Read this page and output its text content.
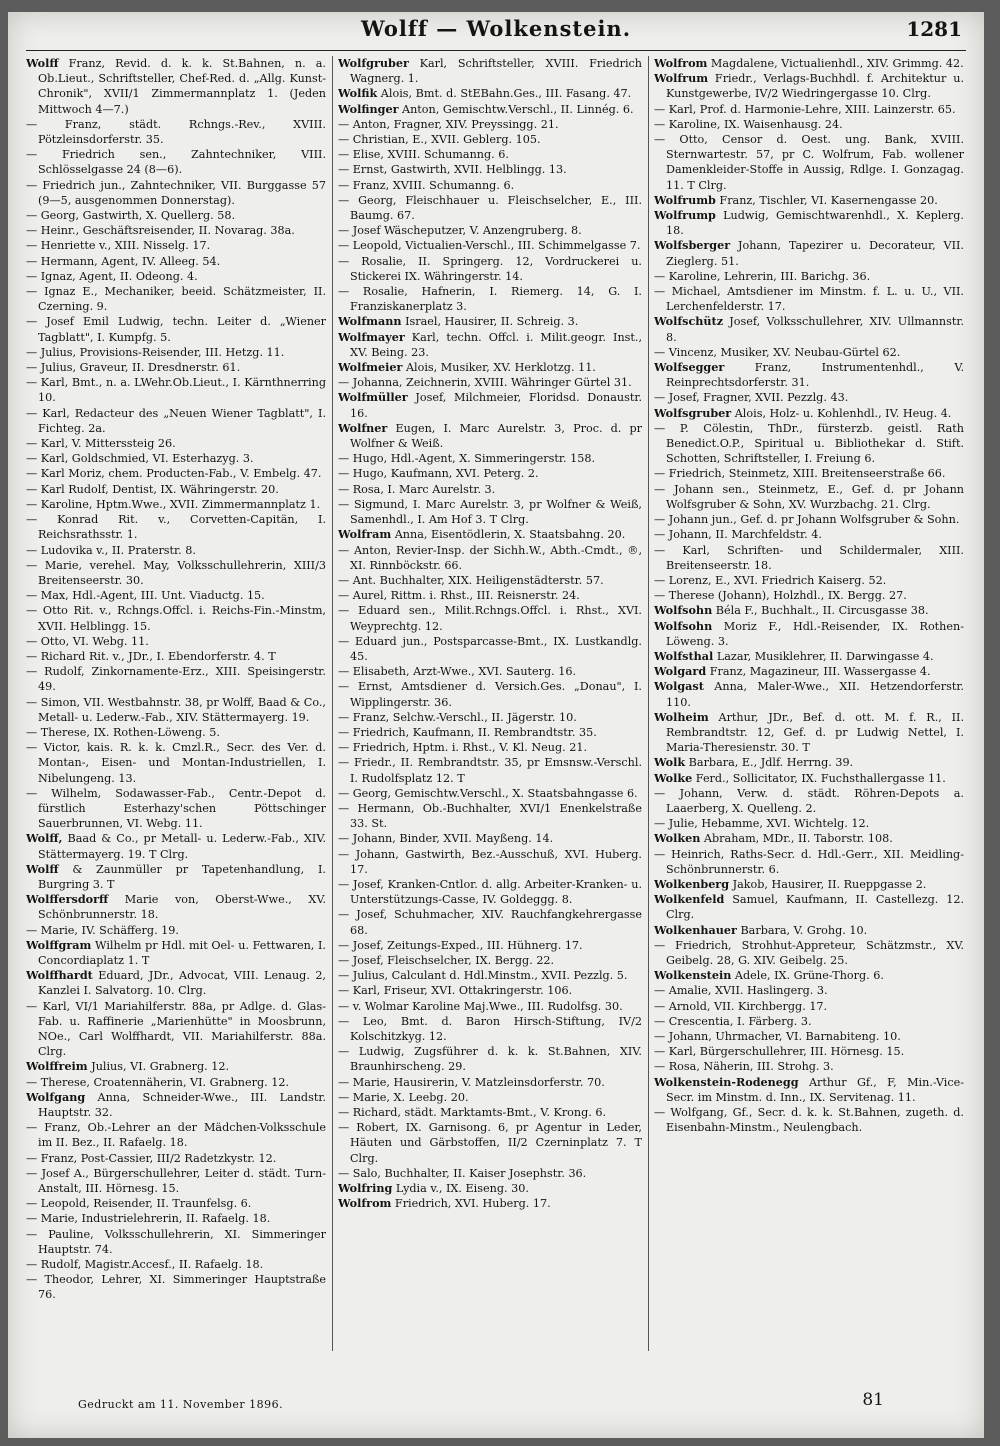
Wolff — Wolkenstein.	1281

Wolff Franz, Revid. d. k. k. St.Bahnen, n. a. Ob.Lieut., Schriftsteller, Chef-Red. d. „Allg. Kunst-Chronik", XVII/1 Zimmermannplatz 1. (Jeden Mittwoch 4—7.)

— Franz, städt. Rchngs.-Rev., XVIII. Pötzleinsdorferstr. 35.

— Friedrich sen., Zahntechniker, VIII. Schlösselgasse 24 (8—6).

— Friedrich jun., Zahntechniker, VII. Burggasse 57 (9—5, ausgenommen Donnerstag).

— Georg, Gastwirth, X. Quellerg. 58.

— Heinr., Geschäftsreisender, II. Novarag. 38a.

— Henriette v., XIII. Nisselg. 17.

— Hermann, Agent, IV. Alleeg. 54.

— Ignaz, Agent, II. Odeong. 4.

— Ignaz E., Mechaniker, beeid. Schätzmeister, II. Czerning. 9.

— Josef Emil Ludwig, techn. Leiter d. „Wiener Tagblatt", I. Kumpfg. 5.

— Julius, Provisions-Reisender, III. Hetzg. 11.

— Julius, Graveur, II. Dresdnerstr. 61.

— Karl, Bmt., n. a. LWehr.Ob.Lieut., I. Kärnthnerring 10.

— Karl, Redacteur des „Neuen Wiener Tagblatt", I. Fichteg. 2a.

— Karl, V. Mitterssteig 26.

— Karl, Goldschmied, VI. Esterhazyg. 3.

— Karl Moriz, chem. Producten-Fab., V. Embelg. 47.

— Karl Rudolf, Dentist, IX. Währingerstr. 20.

— Karoline, Hptm.Wwe., XVII. Zimmermannplatz 1.

— Konrad Rit. v., Corvetten-Capitän, I. Reichsrathsstr. 1.

— Ludovika v., II. Praterstr. 8.

— Marie, verehel. May, Volksschullehrerin, XIII/3 Breitenseerstr. 30.

— Max, Hdl.-Agent, III. Unt. Viaductg. 15.

— Otto Rit. v., Rchngs.Offcl. i. Reichs-Fin.-Minstm, XVII. Helblingg. 15.

— Otto, VI. Webg. 11.

— Richard Rit. v., JDr., I. Ebendorferstr. 4. T

— Rudolf, Zinkornamente-Erz., XIII. Speisingerstr. 49.

— Simon, VII. Westbahnstr. 38, pr Wolff, Baad & Co., Metall- u. Lederw.-Fab., XIV. Stättermayerg. 19.

— Therese, IX. Rothen-Löweng. 5.

— Victor, kais. R. k. k. Cmzl.R., Secr. des Ver. d. Montan-, Eisen- und Montan-Industriellen, I. Nibelungeng. 13.

— Wilhelm, Sodawasser-Fab., Centr.-Depot d. fürstlich Esterhazy'schen Pöttschinger Sauerbrunnen, VI. Webg. 11.

Wolff, Baad & Co., pr Metall- u. Lederw.-Fab., XIV. Stättermayerg. 19. T Clrg.

Wolff & Zaunmüller pr Tapetenhandlung, I. Burgring 3. T

Wolffersdorff Marie von, Oberst-Wwe., XV. Schönbrunnerstr. 18.

— Marie, IV. Schäfferg. 19.

Wolffgram Wilhelm pr Hdl. mit Oel- u. Fettwaren, I. Concordiaplatz 1. T

Wolffhardt Eduard, JDr., Advocat, VIII. Lenaug. 2, Kanzlei I. Salvatorg. 10. Clrg.

— Karl, VI/1 Mariahilferstr. 88a, pr Adlge. d. Glas-Fab. u. Raffinerie „Marienhütte" in Moosbrunn, NOe., Carl Wolffhardt, VII. Mariahilferstr. 88a. Clrg.

Wolffreim Julius, VI. Grabnerg. 12.

— Therese, Croatennäherin, VI. Grabnerg. 12.

Wolfgang Anna, Schneider-Wwe., III. Landstr. Hauptstr. 32.

— Franz, Ob.-Lehrer an der Mädchen-Volksschule im II. Bez., II. Rafaelg. 18.

— Franz, Post-Cassier, III/2 Radetzkystr. 12.

— Josef A., Bürgerschullehrer, Leiter d. städt. Turn-Anstalt, III. Hörnesg. 15.

— Leopold, Reisender, II. Traunfelsg. 6.

— Marie, Industrielehrerin, II. Rafaelg. 18.

— Pauline, Volksschullehrerin, XI. Simmeringer Hauptstr. 74.

— Rudolf, Magistr.Accesf., II. Rafaelg. 18.

— Theodor, Lehrer, XI. Simmeringer Hauptstraße 76.

Wolfgruber Karl, Schriftsteller, XVIII. Friedrich Wagnerg. 1.

Wolfik Alois, Bmt. d. StEBahn.Ges., III. Fasang. 47.

Wolfinger Anton, Gemischtw.Verschl., II. Linnég. 6.

— Anton, Fragner, XIV. Preyssingg. 21.

— Christian, E., XVII. Geblerg. 105.

— Elise, XVIII. Schumanng. 6.

— Ernst, Gastwirth, XVII. Helblingg. 13.

— Franz, XVIII. Schumanng. 6.

— Georg, Fleischhauer u. Fleischselcher, E., III. Baumg. 67.

— Josef Wäscheputzer, V. Anzengruberg. 8.

— Leopold, Victualien-Verschl., III. Schimmelgasse 7.

— Rosalie, II. Springerg. 12, Vordruckerei u. Stickerei IX. Währingerstr. 14.

— Rosalie, Hafnerin, I. Riemerg. 14, G. I. Franziskanerplatz 3.

Wolfmann Israel, Hausirer, II. Schreig. 3.

Wolfmayer Karl, techn. Offcl. i. Milit.geogr. Inst., XV. Being. 23.

Wolfmeier Alois, Musiker, XV. Herklotzg. 11.

— Johanna, Zeichnerin, XVIII. Währinger Gürtel 31.

Wolfmüller Josef, Milchmeier, Floridsd. Donaustr. 16.

Wolfner Eugen, I. Marc Aurelstr. 3, Proc. d. pr Wolfner & Weiß.

— Hugo, Hdl.-Agent, X. Simmeringerstr. 158.

— Hugo, Kaufmann, XVI. Peterg. 2.

— Rosa, I. Marc Aurelstr. 3.

— Sigmund, I. Marc Aurelstr. 3, pr Wolfner & Weiß, Samenhdl., I. Am Hof 3. T Clrg.

Wolfram Anna, Eisentödlerin, X. Staatsbahng. 20.

— Anton, Revier-Insp. der Sichh.W., Abth.-Cmdt., ®, XI. Rinnböckstr. 66.

— Ant. Buchhalter, XIX. Heiligenstädterstr. 57.

— Aurel, Rittm. i. Rhst., III. Reisnerstr. 24.

— Eduard sen., Milit.Rchngs.Offcl. i. Rhst., XVI. Weyprechtg. 12.

— Eduard jun., Postsparcasse-Bmt., IX. Lustkandlg. 45.

— Elisabeth, Arzt-Wwe., XVI. Sauterg. 16.

— Ernst, Amtsdiener d. Versich.Ges. „Donau", I. Wipplingerstr. 36.

— Franz, Selchw.-Verschl., II. Jägerstr. 10.

— Friedrich, Kaufmann, II. Rembrandtstr. 35.

— Friedrich, Hptm. i. Rhst., V. Kl. Neug. 21.

— Friedr., II. Rembrandtstr. 35, pr Emsnsw.-Verschl. I. Rudolfsplatz 12. T

— Georg, Gemischtw.Verschl., X. Staatsbahngasse 6.

— Hermann, Ob.-Buchhalter, XVI/1 Enenkelstraße 33. St.

— Johann, Binder, XVII. Mayßeng. 14.

— Johann, Gastwirth, Bez.-Ausschuß, XVI. Huberg. 17.

— Josef, Kranken-Cntlor. d. allg. Arbeiter-Kranken- u. Unterstützungs-Casse, IV. Goldeggg. 8.

— Josef, Schuhmacher, XIV. Rauchfangkehrergasse 68.

— Josef, Zeitungs-Exped., III. Hühnerg. 17.

— Josef, Fleischselcher, IX. Bergg. 22.

— Julius, Calculant d. Hdl.Minstm., XVII. Pezzlg. 5.

— Karl, Friseur, XVI. Ottakringerstr. 106.

— v. Wolmar Karoline Maj.Wwe., III. Rudolfsg. 30.

— Leo, Bmt. d. Baron Hirsch-Stiftung, IV/2 Kolschitzkyg. 12.

— Ludwig, Zugsführer d. k. k. St.Bahnen, XIV. Braunhirscheng. 29.

— Marie, Hausirerin, V. Matzleinsdorferstr. 70.

— Marie, X. Leebg. 20.

— Richard, städt. Marktamts-Bmt., V. Krong. 6.

— Robert, IX. Garnisong. 6, pr Agentur in Leder, Häuten und Gärbstoffen, II/2 Czerninplatz 7. T Clrg.

— Salo, Buchhalter, II. Kaiser Josephstr. 36.

Wolfring Lydia v., IX. Eiseng. 30.

Wolfrom Friedrich, XVI. Huberg. 17.

Wolfrom Magdalene, Victualienhdl., XIV. Grimmg. 42.

Wolfrum Friedr., Verlags-Buchhdl. f. Architektur u. Kunstgewerbe, IV/2 Wiedringergasse 10. Clrg.

— Karl, Prof. d. Harmonie-Lehre, XIII. Lainzerstr. 65.

— Karoline, IX. Waisenhausg. 24.

— Otto, Censor d. Oest. ung. Bank, XVIII. Sternwartestr. 57, pr C. Wolfrum, Fab. wollener Damenkleider-Stoffe in Aussig, Rdlge. I. Gonzagag. 11. T Clrg.

Wolfrumb Franz, Tischler, VI. Kasernengasse 20.

Wolfrump Ludwig, Gemischtwarenhdl., X. Keplerg. 18.

Wolfsberger Johann, Tapezirer u. Decorateur, VII. Zieglerg. 51.

— Karoline, Lehrerin, III. Barichg. 36.

— Michael, Amtsdiener im Minstm. f. L. u. U., VII. Lerchenfelderstr. 17.

Wolfschütz Josef, Volksschullehrer, XIV. Ullmannstr. 8.

— Vincenz, Musiker, XV. Neubau-Gürtel 62.

Wolfsegger Franz, Instrumentenhdl., V. Reinprechtsdorferstr. 31.

— Josef, Fragner, XVII. Pezzlg. 43.

Wolfsgruber Alois, Holz- u. Kohlenhdl., IV. Heug. 4.

— P. Cölestin, ThDr., fürsterzb. geistl. Rath Benedict.O.P., Spiritual u. Bibliothekar d. Stift. Schotten, Schriftsteller, I. Freiung 6.

— Friedrich, Steinmetz, XIII. Breitenseerstraße 66.

— Johann sen., Steinmetz, E., Gef. d. pr Johann Wolfsgruber & Sohn, XV. Wurzbachg. 21. Clrg.

— Johann jun., Gef. d. pr Johann Wolfsgruber & Sohn.

— Johann, II. Marchfeldstr. 4.

— Karl, Schriften- und Schildermaler, XIII. Breitenseerstr. 18.

— Lorenz, E., XVI. Friedrich Kaiserg. 52.

— Therese (Johann), Holzhdl., IX. Bergg. 27.

Wolfsohn Béla F., Buchhalt., II. Circusgasse 38.

Wolfsohn Moriz F., Hdl.-Reisender, IX. Rothen-Löweng. 3.

Wolfsthal Lazar, Musiklehrer, II. Darwingasse 4.

Wolgard Franz, Magazineur, III. Wassergasse 4.

Wolgast Anna, Maler-Wwe., XII. Hetzendorferstr. 110.

Wolheim Arthur, JDr., Bef. d. ott. M. f. R., II. Rembrandtstr. 12, Gef. d. pr Ludwig Nettel, I. Maria-Theresienstr. 30. T

Wolk Barbara, E., Jdlf. Herrng. 39.

Wolke Ferd., Sollicitator, IX. Fuchsthallergasse 11.

— Johann, Verw. d. städt. Röhren-Depots a. Laaerberg, X. Quelleng. 2.

— Julie, Hebamme, XVI. Wichtelg. 12.

Wolken Abraham, MDr., II. Taborstr. 108.

— Heinrich, Raths-Secr. d. Hdl.-Gerr., XII. Meidling-Schönbrunnerstr. 6.

Wolkenberg Jakob, Hausirer, II. Rueppgasse 2.

Wolkenfeld Samuel, Kaufmann, II. Castellezg. 12. Clrg.

Wolkenhauer Barbara, V. Grohg. 10.

— Friedrich, Strohhut-Appreteur, Schätzmstr., XV. Geibelg. 28, G. XIV. Geibelg. 25.

Wolkenstein Adele, IX. Grüne-Thorg. 6.

— Amalie, XVII. Haslingerg. 3.

— Arnold, VII. Kirchbergg. 17.

— Crescentia, I. Färberg. 3.

— Johann, Uhrmacher, VI. Barnabiteng. 10.

— Karl, Bürgerschullehrer, III. Hörnesg. 15.

— Rosa, Näherin, III. Strohg. 3.

Wolkenstein-Rodenegg Arthur Gf., F, Min.-Vice-Secr. im Minstm. d. Inn., IX. Servitenag. 11.

— Wolfgang, Gf., Secr. d. k. k. St.Bahnen, zugeth. d. Eisenbahn-Minstm., Neulengbach.

Gedruckt am 11. November 1896.	81
